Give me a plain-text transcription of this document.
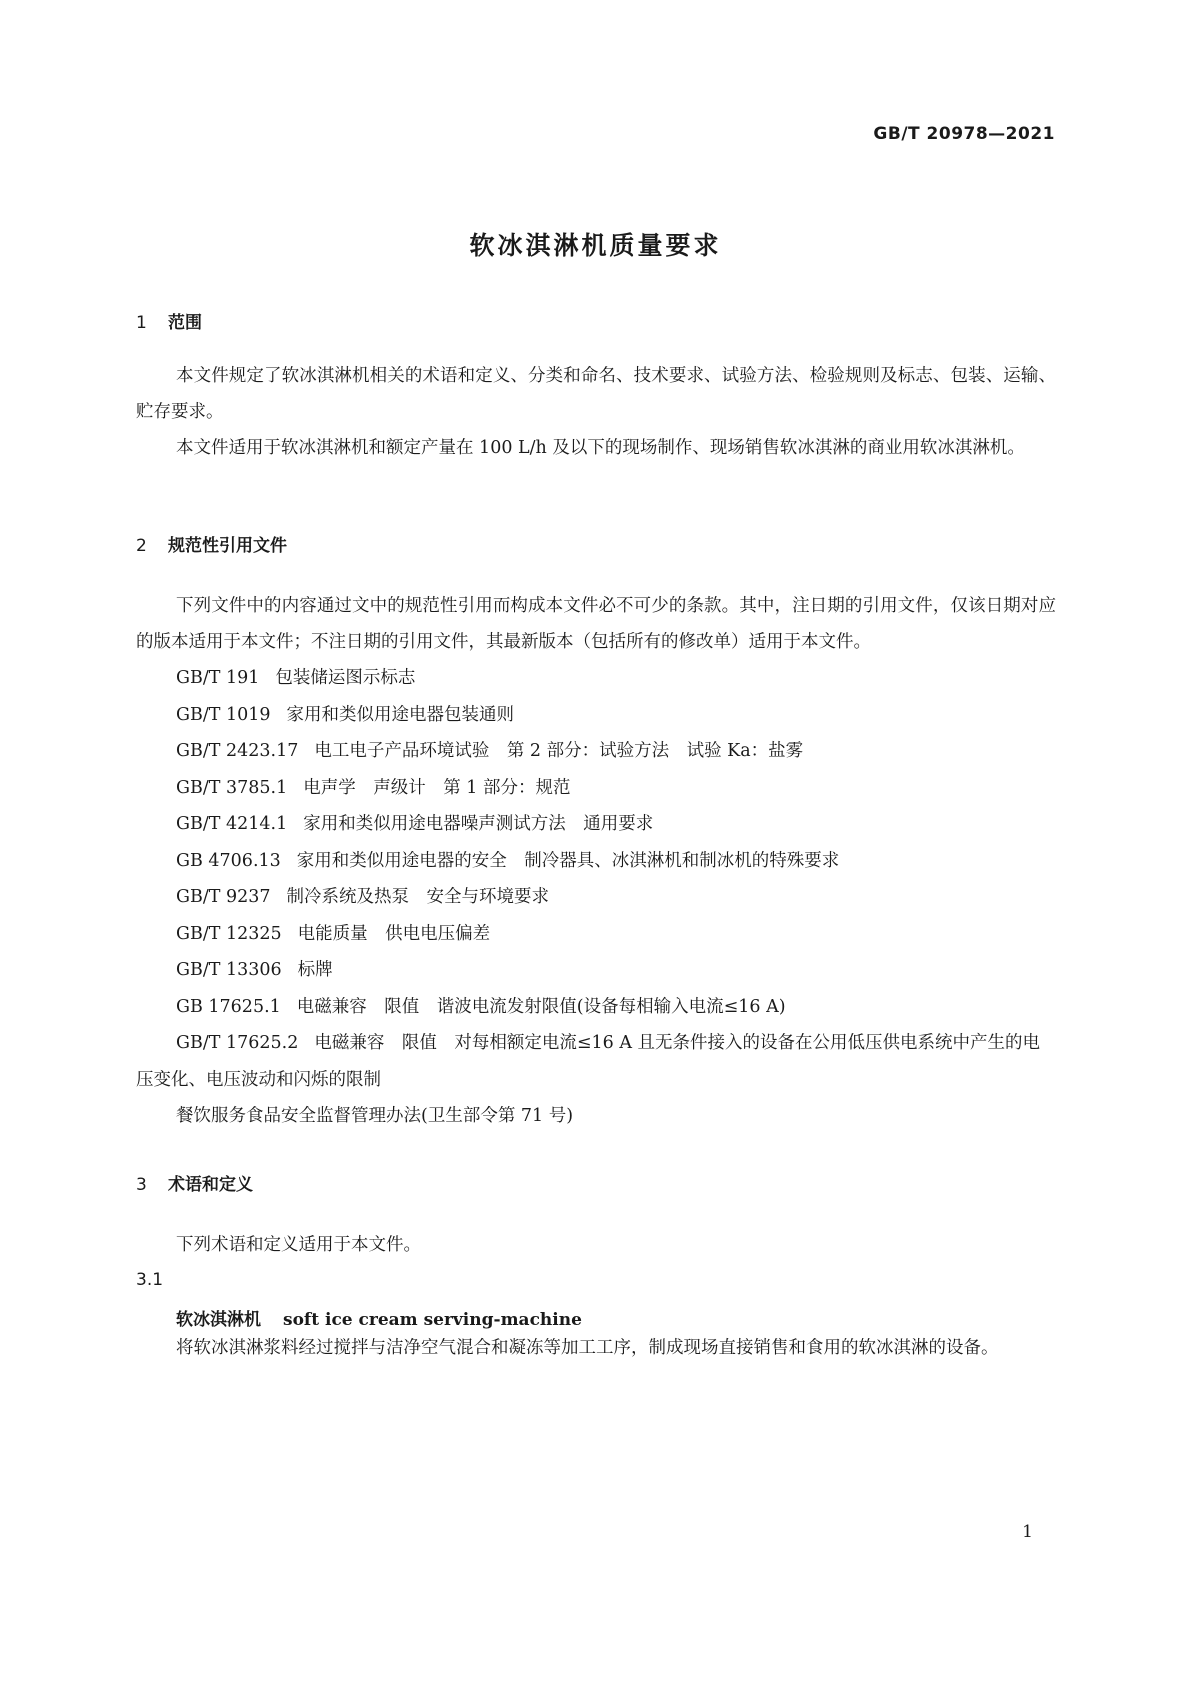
GB/T 20978—2021
软冰淇淋机质量要求
1 范围

本文件规定了软冰淇淋机相关的术语和定义、分类和命名、技术要求、试验方法、检验规则及标志、包装、运输、贮存要求。

本文件适用于软冰淇淋机和额定产量在 100 L/h 及以下的现场制作、现场销售软冰淇淋的商业用软冰淇淋机。

2 规范性引用文件

下列文件中的内容通过文中的规范性引用而构成本文件必不可少的条款。其中，注日期的引用文件，仅该日期对应的版本适用于本文件；不注日期的引用文件，其最新版本（包括所有的修改单）适用于本文件。

GB/T 191 包装储运图示标志

GB/T 1019 家用和类似用途电器包装通则

GB/T 2423.17 电工电子产品环境试验　第 2 部分：试验方法　试验 Ka：盐雾

GB/T 3785.1 电声学　声级计　第 1 部分：规范

GB/T 4214.1 家用和类似用途电器噪声测试方法　通用要求

GB 4706.13 家用和类似用途电器的安全　制冷器具、冰淇淋机和制冰机的特殊要求

GB/T 9237 制冷系统及热泵　安全与环境要求

GB/T 12325 电能质量　供电电压偏差

GB/T 13306 标牌

GB 17625.1 电磁兼容　限值　谐波电流发射限值(设备每相输入电流≤16 A)

GB/T 17625.2 电磁兼容　限值　对每相额定电流≤16 A 且无条件接入的设备在公用低压供电系统中产生的电压变化、电压波动和闪烁的限制

餐饮服务食品安全监督管理办法(卫生部令第 71 号)

3 术语和定义

下列术语和定义适用于本文件。

3.1
软冰淇淋机 soft ice cream serving-machine

将软冰淇淋浆料经过搅拌与洁净空气混合和凝冻等加工工序，制成现场直接销售和食用的软冰淇淋的设备。

1
